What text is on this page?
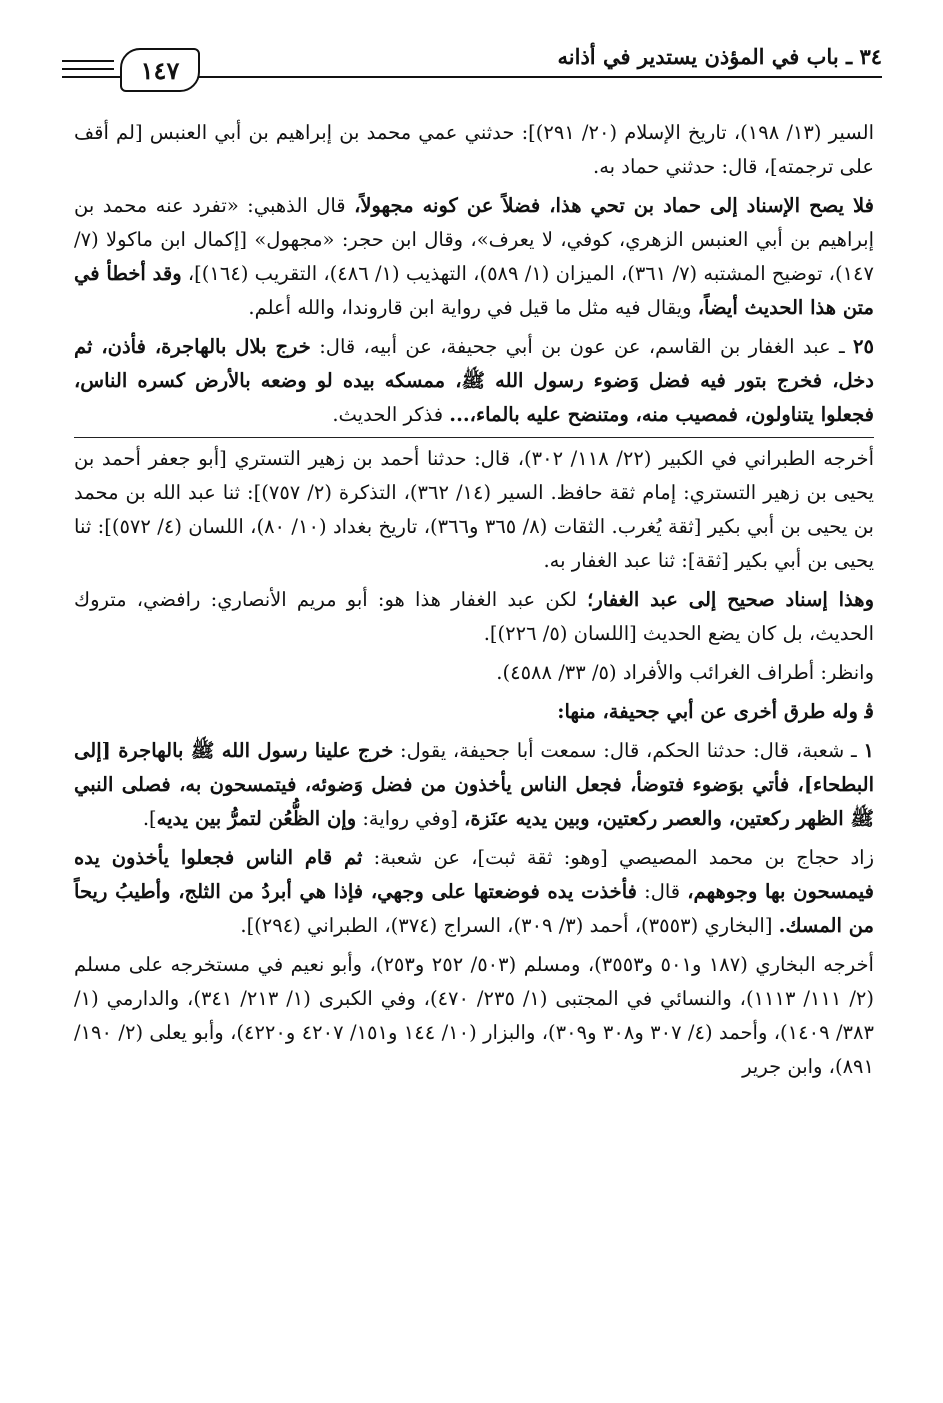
٣٤ ـ باب في المؤذن يستدير في أذانه
١٤٧

السير (١٣/ ١٩٨)، تاريخ الإسلام (٢٠/ ٢٩١)]: حدثني عمي محمد بن إبراهيم بن أبي العنبس [لم أقف على ترجمته]، قال: حدثني حماد به.

فلا يصح الإسناد إلى حماد بن تحي هذا، فضلاً عن كونه مجهولاً، قال الذهبي: «تفرد عنه محمد بن إبراهيم بن أبي العنبس الزهري، كوفي، لا يعرف»، وقال ابن حجر: «مجهول» [إكمال ابن ماكولا (٧/ ١٤٧)، توضيح المشتبه (٧/ ٣٦١)، الميزان (١/ ٥٨٩)، التهذيب (١/ ٤٨٦)، التقريب (١٦٤)]، وقد أخطأ في متن هذا الحديث أيضاً، ويقال فيه مثل ما قيل في رواية ابن قاروندا، والله أعلم.

٢٥ ـ عبد الغفار بن القاسم، عن عون بن أبي جحيفة، عن أبيه، قال: خرج بلال بالهاجرة، فأذن، ثم دخل، فخرج بتور فيه فضل وَضوء رسول الله ﷺ، ممسكه بيده لو وضعه بالأرض كسره الناس، فجعلوا يتناولون، فمصيب منه، ومتنضح عليه بالماء،... فذكر الحديث.

أخرجه الطبراني في الكبير (٢٢/ ١١٨/ ٣٠٢)، قال: حدثنا أحمد بن زهير التستري [أبو جعفر أحمد بن يحيى بن زهير التستري: إمام ثقة حافظ. السير (١٤/ ٣٦٢)، التذكرة (٢/ ٧٥٧)]: ثنا عبد الله بن محمد بن يحيى بن أبي بكير [ثقة يُغرب. الثقات (٨/ ٣٦٥ و٣٦٦)، تاريخ بغداد (١٠/ ٨٠)، اللسان (٤/ ٥٧٢)]: ثنا يحيى بن أبي بكير [ثقة]: ثنا عبد الغفار به.

وهذا إسناد صحيح إلى عبد الغفار؛ لكن عبد الغفار هذا هو: أبو مريم الأنصاري: رافضي، متروك الحديث، بل كان يضع الحديث [اللسان (٥/ ٢٢٦)].

وانظر: أطراف الغرائب والأفراد (٥/ ٣٣/ ٤٥٨٨).

ﭬ وله طرق أخرى عن أبي جحيفة، منها:

١ ـ شعبة، قال: حدثنا الحكم، قال: سمعت أبا جحيفة، يقول: خرج علينا رسول الله ﷺ بالهاجرة [إلى البطحاء]، فأتي بوَضوء فتوضأ، فجعل الناس يأخذون من فضل وَضوئه، فيتمسحون به، فصلى النبي ﷺ الظهر ركعتين، والعصر ركعتين، وبين يديه عنَزة، [وفي رواية: وإن الظُّعُن لتمرُّ بين يديه].

زاد حجاج بن محمد المصيصي [وهو: ثقة ثبت]، عن شعبة: ثم قام الناس فجعلوا يأخذون يده فيمسحون بها وجوههم، قال: فأخذت يده فوضعتها على وجهي، فإذا هي أبردُ من الثلج، وأطيبُ ريحاً من المسك. [البخاري (٣٥٥٣)، أحمد (٣/ ٣٠٩)، السراج (٣٧٤)، الطبراني (٢٩٤)].

أخرجه البخاري (١٨٧ و٥٠١ و٣٥٥٣)، ومسلم (٥٠٣/ ٢٥٢ و٢٥٣)، وأبو نعيم في مستخرجه على مسلم (٢/ ١١١/ ١١١٣)، والنسائي في المجتبى (١/ ٢٣٥/ ٤٧٠)، وفي الكبرى (١/ ٢١٣/ ٣٤١)، والدارمي (١/ ٣٨٣/ ١٤٠٩)، وأحمد (٤/ ٣٠٧ و٣٠٨ و٣٠٩)، والبزار (١٠/ ١٤٤ و١٥١/ ٤٢٠٧ و٤٢٢٠)، وأبو يعلى (٢/ ١٩٠/ ٨٩١)، وابن جرير
